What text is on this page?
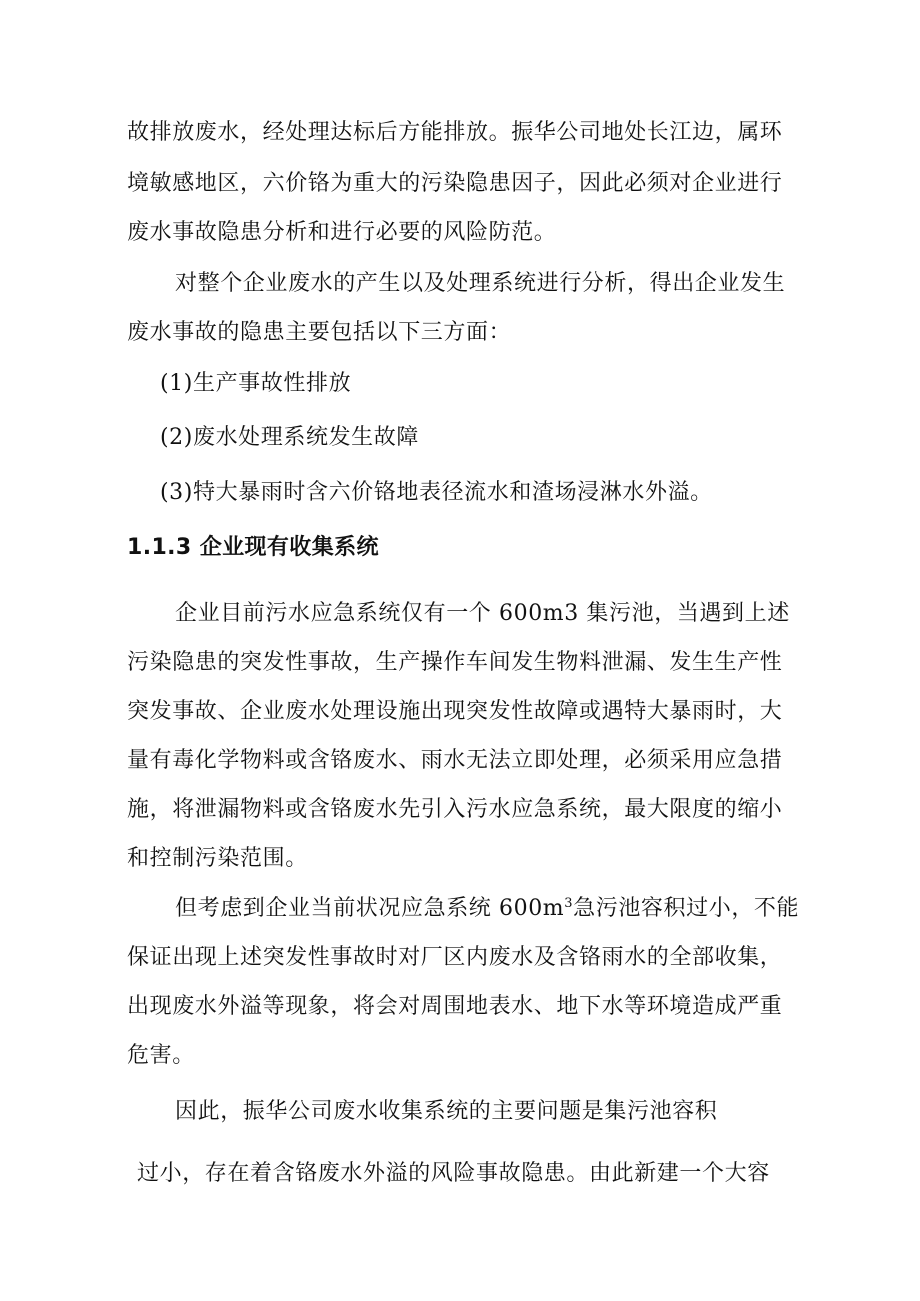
故排放废水，经处理达标后方能排放。振华公司地处长江边，属环
境敏感地区，六价铬为重大的污染隐患因子，因此必须对企业进行
废水事故隐患分析和进行必要的风险防范。
对整个企业废水的产生以及处理系统进行分析，得出企业发生
废水事故的隐患主要包括以下三方面：
(1)生产事故性排放
(2)废水处理系统发生故障
(3)特大暴雨时含六价铬地表径流水和渣场浸淋水外溢。
1.1.3 企业现有收集系统
企业目前污水应急系统仅有一个 600m3 集污池，当遇到上述
污染隐患的突发性事故，生产操作车间发生物料泄漏、发生生产性
突发事故、企业废水处理设施出现突发性故障或遇特大暴雨时，大
量有毒化学物料或含铬废水、雨水无法立即处理，必须采用应急措
施，将泄漏物料或含铬废水先引入污水应急系统，最大限度的缩小
和控制污染范围。
但考虑到企业当前状况应急系统 $600m^3$急污池容积过小，不能
保证出现上述突发性事故时对厂区内废水及含铬雨水的全部收集，
出现废水外溢等现象，将会对周围地表水、地下水等环境造成严重
危害。
因此，振华公司废水收集系统的主要问题是集污池容积
过小，存在着含铬废水外溢的风险事故隐患。由此新建一个大容
